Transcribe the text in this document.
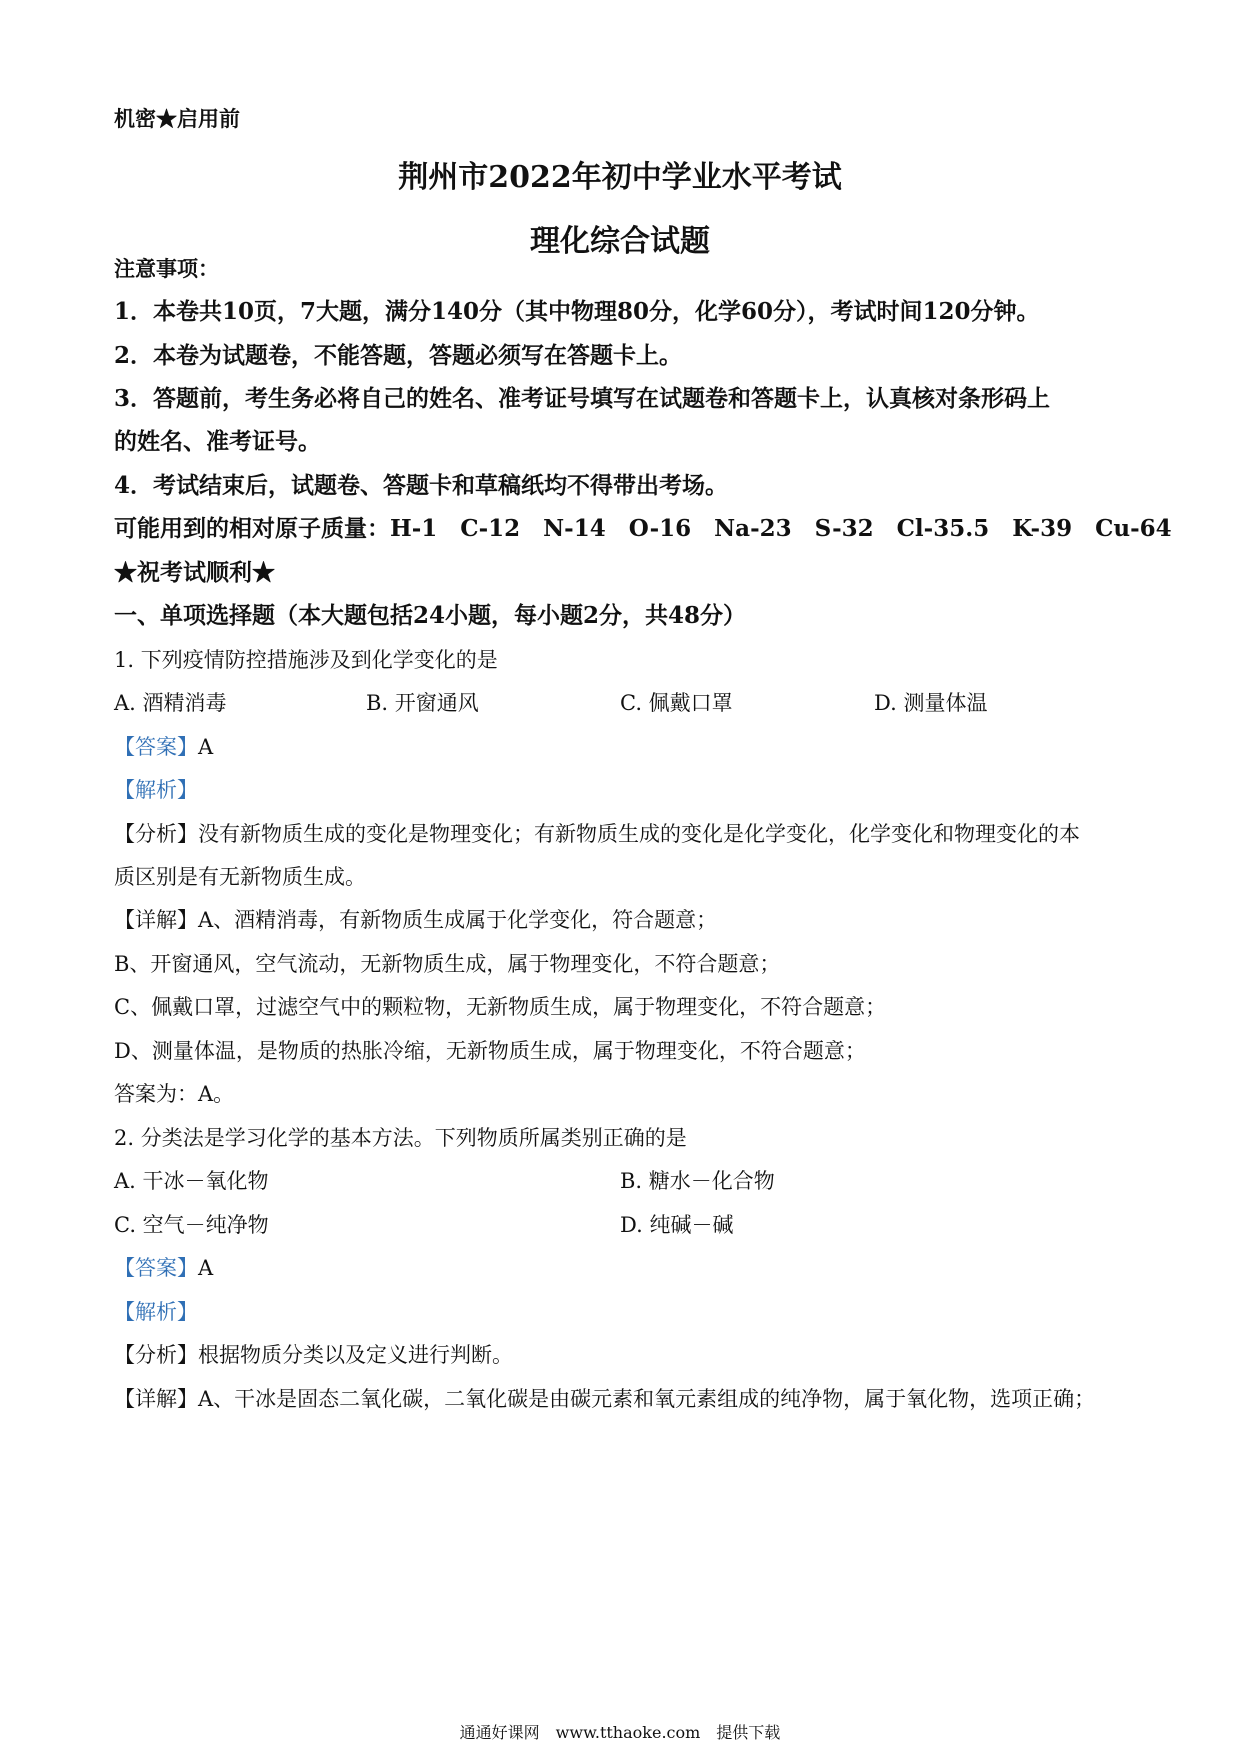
机密★启用前
荆州市2022年初中学业水平考试
理化综合试题
注意事项：
1．本卷共10页，7大题，满分140分（其中物理80分，化学60分），考试时间120分钟。
2．本卷为试题卷，不能答题，答题必须写在答题卡上。
3．答题前，考生务必将自己的姓名、准考证号填写在试题卷和答题卡上，认真核对条形码上
的姓名、准考证号。
4．考试结束后，试题卷、答题卡和草稿纸均不得带出考场。
可能用到的相对原子质量：H-1　C-12　N-14　O-16　Na-23　S-32　Cl-35.5　K-39　Cu-64
★祝考试顺利★
一、单项选择题（本大题包括24小题，每小题2分，共48分）
1. 下列疫情防控措施涉及到化学变化的是
A. 酒精消毒	B. 开窗通风	C. 佩戴口罩	D. 测量体温
【答案】A
【解析】
【分析】没有新物质生成的变化是物理变化；有新物质生成的变化是化学变化，化学变化和物理变化的本
质区别是有无新物质生成。
【详解】A、酒精消毒，有新物质生成属于化学变化，符合题意；
B、开窗通风，空气流动，无新物质生成，属于物理变化，不符合题意；
C、佩戴口罩，过滤空气中的颗粒物，无新物质生成，属于物理变化，不符合题意；
D、测量体温，是物质的热胀冷缩，无新物质生成，属于物理变化，不符合题意；
答案为：A。
2. 分类法是学习化学的基本方法。下列物质所属类别正确的是
A. 干冰－氧化物	B. 糖水－化合物
C. 空气－纯净物	D. 纯碱－碱
【答案】A
【解析】
【分析】根据物质分类以及定义进行判断。
【详解】A、干冰是固态二氧化碳，二氧化碳是由碳元素和氧元素组成的纯净物，属于氧化物，选项正确；
通通好课网　www.tthaoke.com　提供下载
